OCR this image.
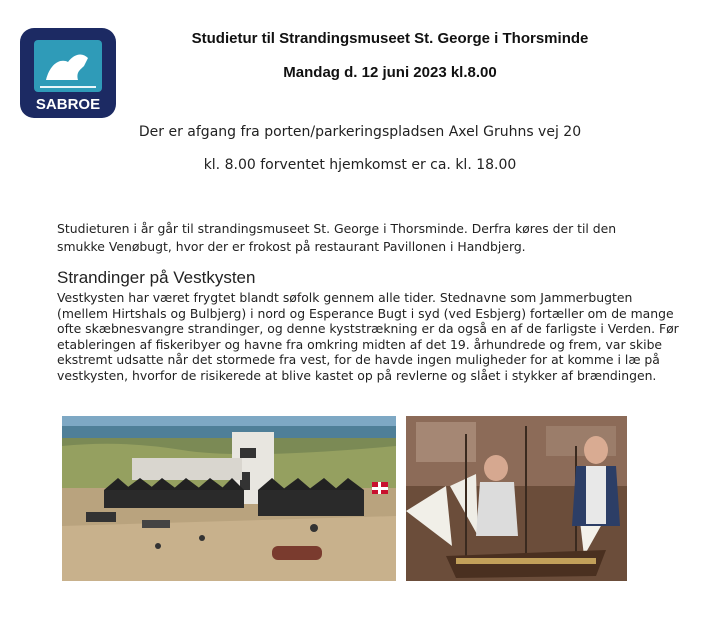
SABROE
Studietur til Strandingsmuseet St. George i Thorsminde
Mandag d. 12 juni 2023 kl.8.00
Der er afgang fra porten/parkeringspladsen Axel Gruhns vej 20
kl. 8.00 forventet hjemkomst er ca. kl. 18.00
Studieturen i år går til strandingsmuseet St. George i Thorsminde. Derfra køres der til den smukke Venøbugt, hvor der er frokost på restaurant Pavillonen i Handbjerg.
Strandinger på Vestkysten
Vestkysten har været frygtet blandt søfolk gennem alle tider. Stednavne som Jammerbugten (mellem Hirtshals og Bulbjerg) i nord og Esperance Bugt i syd (ved Esbjerg) fortæller om de mange ofte skæbnesvangre strandinger, og denne kyststrækning er da også en af de farligste i Verden. Før etableringen af fiskeribyer og havne fra omkring midten af det 19. århundrede og frem, var skibe ekstremt udsatte når det stormede fra vest, for de havde ingen muligheder for at komme i læ på vestkysten, hvorfor de risikerede at blive kastet op på revlerne og slået i stykker af brændingen.
